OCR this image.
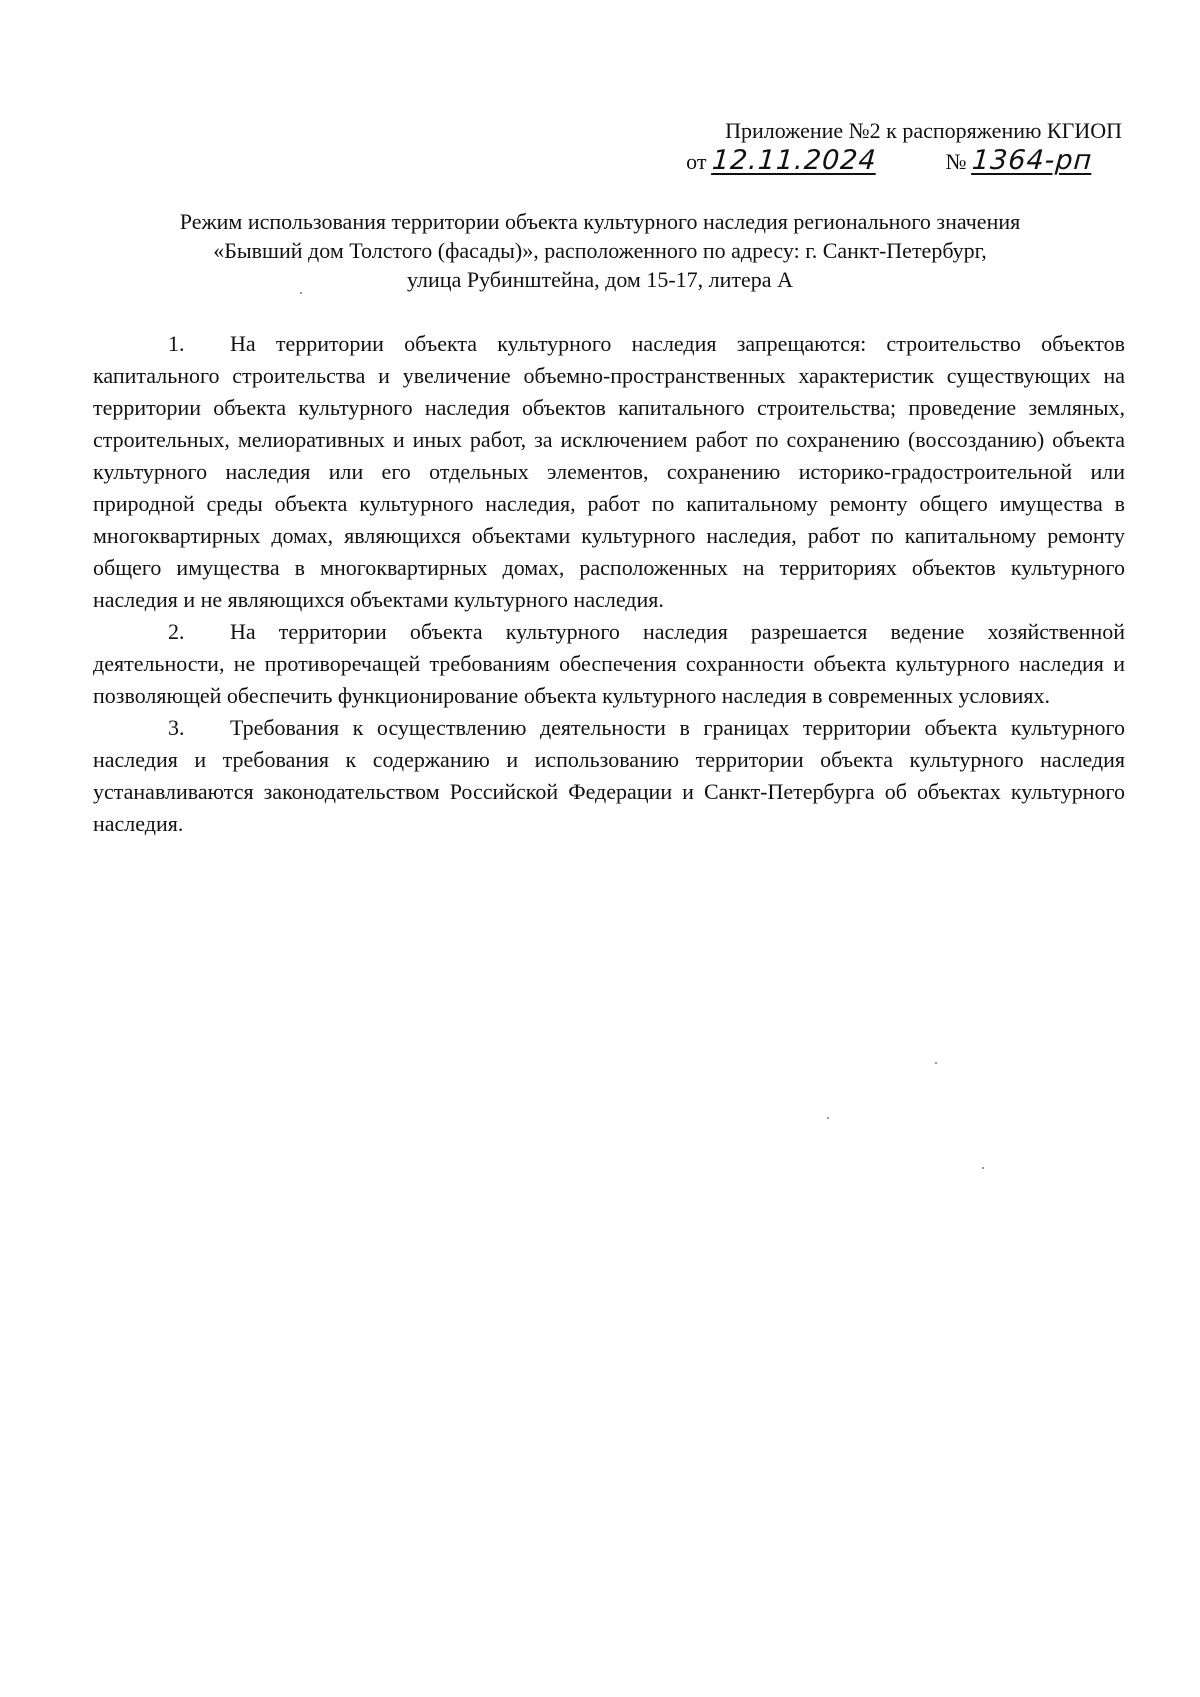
Приложение №2 к распоряжению КГИОП
от 12.11.2024	№ 1364-рп
Режим использования территории объекта культурного наследия регионального значения
«Бывший дом Толстого (фасады)», расположенного по адресу: г. Санкт-Петербург,
улица Рубинштейна, дом 15-17, литера А

1. На территории объекта культурного наследия запрещаются: строительство объектов капитального строительства и увеличение объемно-пространственных характеристик существующих на территории объекта культурного наследия объектов капитального строительства; проведение земляных, строительных, мелиоративных и иных работ, за исключением работ по сохранению (воссозданию) объекта культурного наследия или его отдельных элементов, сохранению историко-градостроительной или природной среды объекта культурного наследия, работ по капитальному ремонту общего имущества в многоквартирных домах, являющихся объектами культурного наследия, работ по капитальному ремонту общего имущества в многоквартирных домах, расположенных на территориях объектов культурного наследия и не являющихся объектами культурного наследия.

2. На территории объекта культурного наследия разрешается ведение хозяйственной деятельности, не противоречащей требованиям обеспечения сохранности объекта культурного наследия и позволяющей обеспечить функционирование объекта культурного наследия в современных условиях.

3. Требования к осуществлению деятельности в границах территории объекта культурного наследия и требования к содержанию и использованию территории объекта культурного наследия устанавливаются законодательством Российской Федерации и Санкт-Петербурга об объектах культурного наследия.
